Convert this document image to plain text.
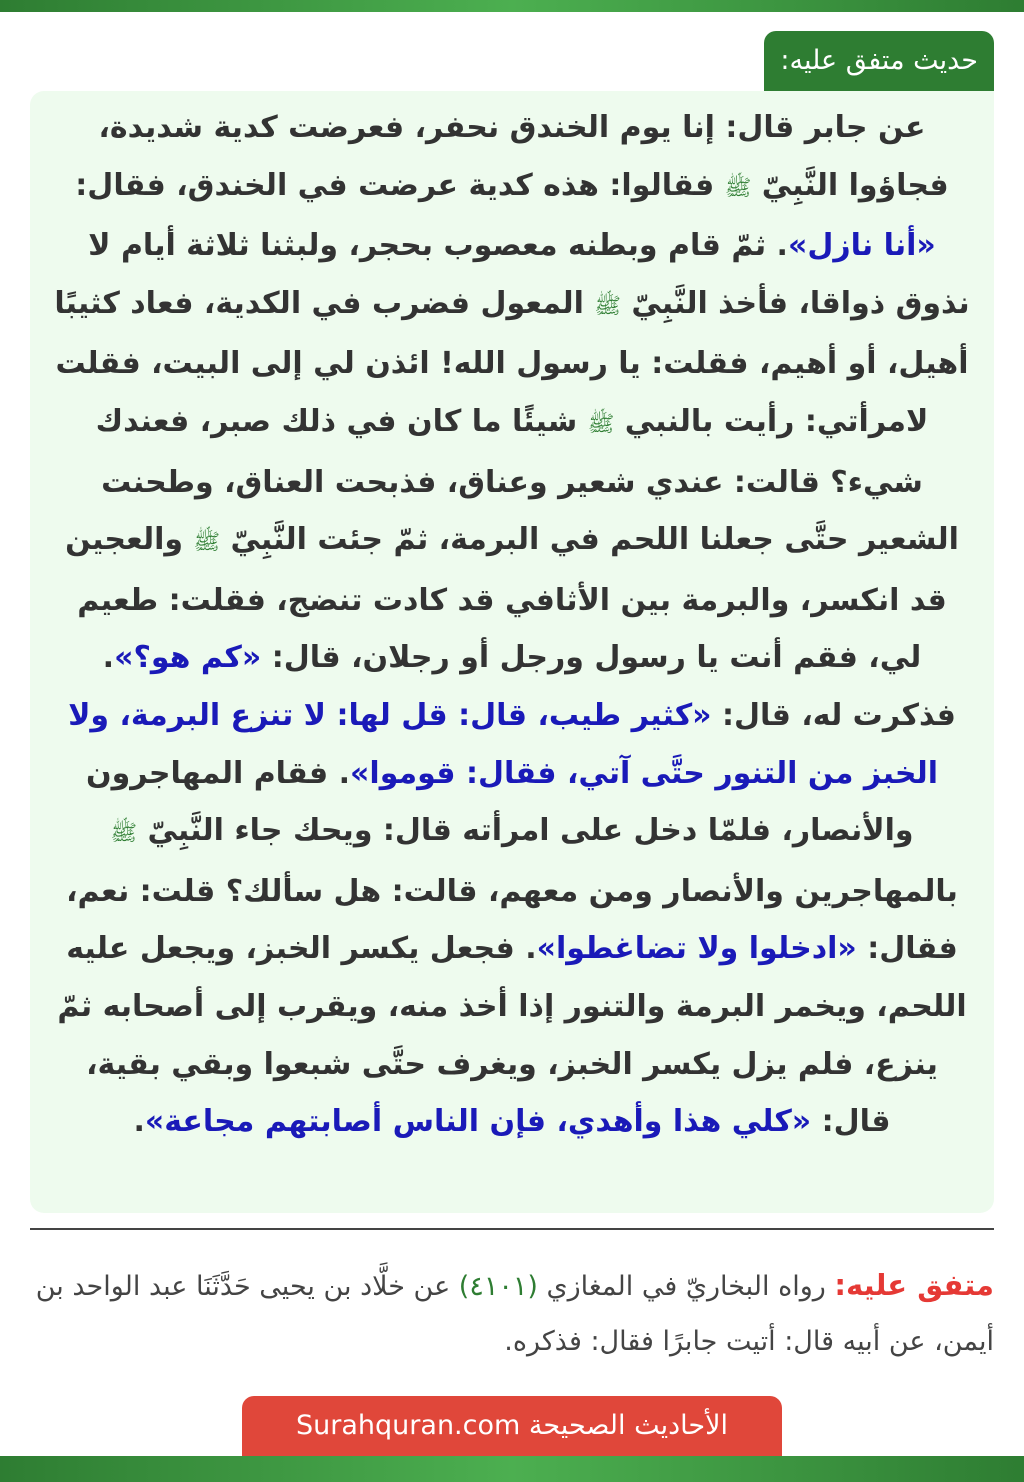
حديث متفق عليه:

عن جابر قال: إنا يوم الخندق نحفر، فعرضت كدية شديدة، فجاؤوا النَّبِيّ ﷺ فقالوا: هذه كدية عرضت في الخندق، فقال: «أنا نازل». ثمّ قام وبطنه معصوب بحجر، ولبثنا ثلاثة أيام لا نذوق ذواقا، فأخذ النَّبِيّ ﷺ المعول فضرب في الكدية، فعاد كثيبًا أهيل، أو أهيم، فقلت: يا رسول الله! ائذن لي إلى البيت، فقلت لامرأتي: رأيت بالنبي ﷺ شيئًا ما كان في ذلك صبر، فعندك شيء؟ قالت: عندي شعير وعناق، فذبحت العناق، وطحنت الشعير حتَّى جعلنا اللحم في البرمة، ثمّ جئت النَّبِيّ ﷺ والعجين قد انكسر، والبرمة بين الأثافي قد كادت تنضج، فقلت: طعيم لي، فقم أنت يا رسول ورجل أو رجلان، قال: «كم هو؟». فذكرت له، قال: «كثير طيب، قال: قل لها: لا تنزع البرمة، ولا الخبز من التنور حتَّى آتي، فقال: قوموا». فقام المهاجرون والأنصار، فلمّا دخل على امرأته قال: ويحك جاء النَّبِيّ ﷺ بالمهاجرين والأنصار ومن معهم، قالت: هل سألك؟ قلت: نعم، فقال: «ادخلوا ولا تضاغطوا». فجعل يكسر الخبز، ويجعل عليه اللحم، ويخمر البرمة والتنور إذا أخذ منه، ويقرب إلى أصحابه ثمّ ينزع، فلم يزل يكسر الخبز، ويغرف حتَّى شبعوا وبقي بقية، قال: «كلي هذا وأهدي، فإن الناس أصابتهم مجاعة».

متفق عليه: رواه البخاريّ في المغازي (٤١٠١) عن خلَّاد بن يحيى حَدَّثَنَا عبد الواحد بن أيمن، عن أبيه قال: أتيت جابرًا فقال: فذكره.
الأحاديث الصحيحة Surahquran.com
